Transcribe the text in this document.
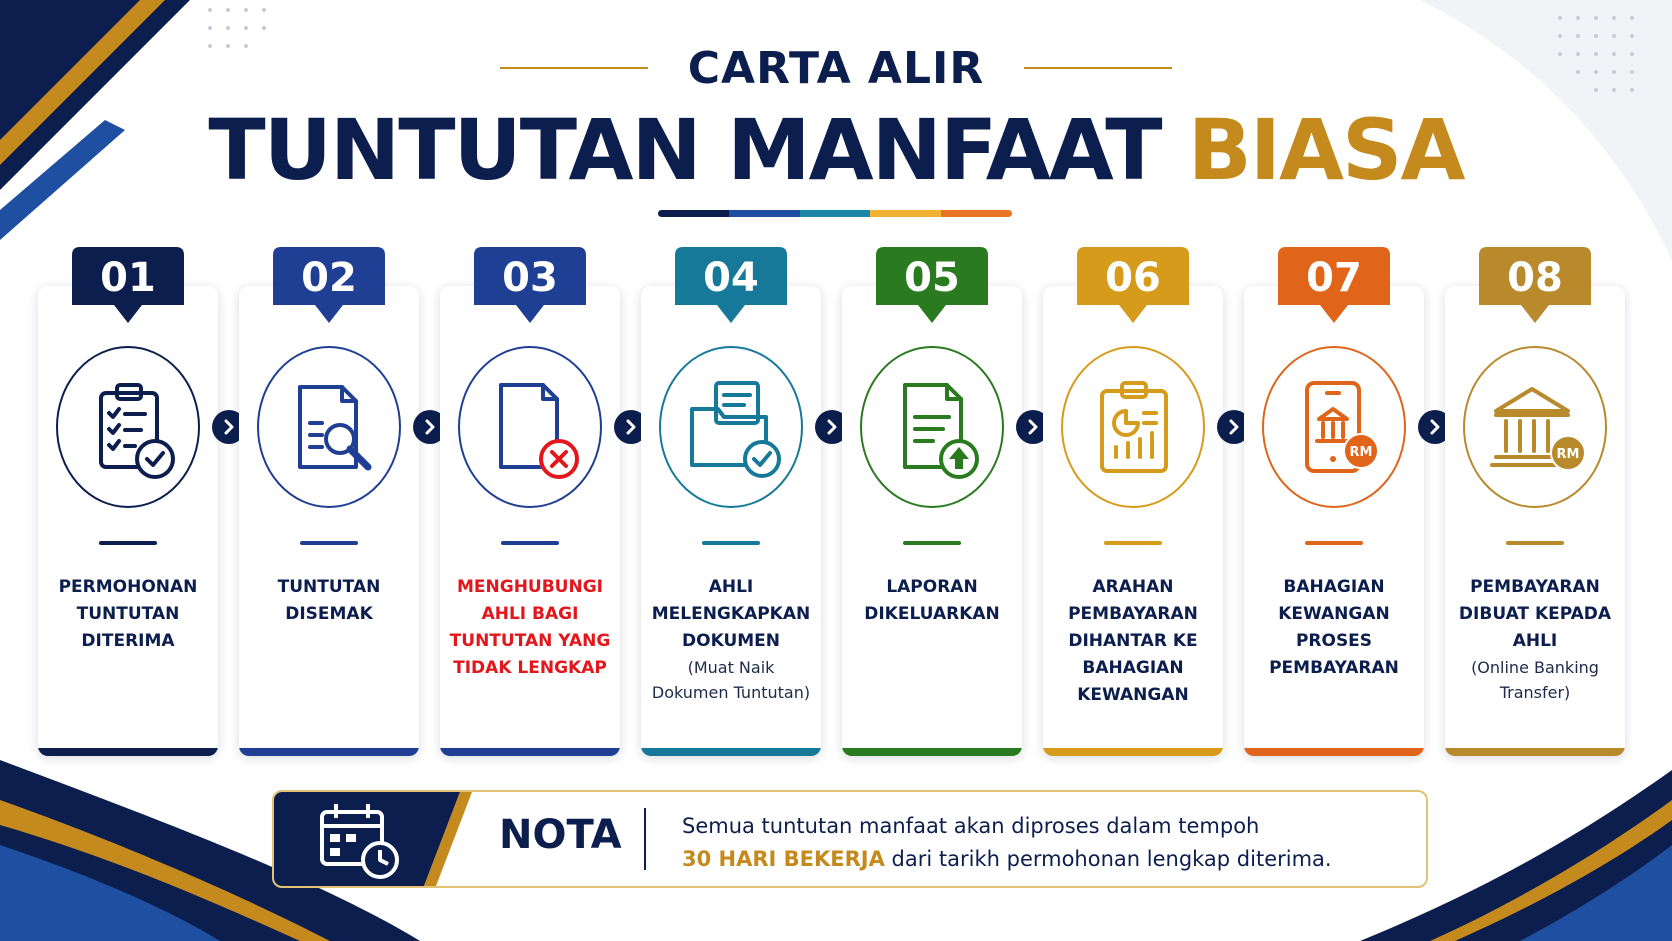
CARTA ALIR
TUNTUTAN MANFAAT BIASA
01
PERMOHONAN
TUNTUTAN
DITERIMA
02
TUNTUTAN
DISEMAK
03
MENGHUBUNGI
AHLI BAGI
TUNTUTAN YANG
TIDAK LENGKAP
04
AHLI
MELENGKAPKAN
DOKUMEN
(Muat Naik
Dokumen Tuntutan)
05
LAPORAN
DIKELUARKAN
06
ARAHAN
PEMBAYARAN
DIHANTAR KE
BAHAGIAN
KEWANGAN
07
RM
BAHAGIAN
KEWANGAN
PROSES
PEMBAYARAN
08
RM
PEMBAYARAN
DIBUAT KEPADA
AHLI
(Online Banking
Transfer)
NOTA	Semua tuntutan manfaat akan diproses dalam tempoh
30 HARI BEKERJA dari tarikh permohonan lengkap diterima.
